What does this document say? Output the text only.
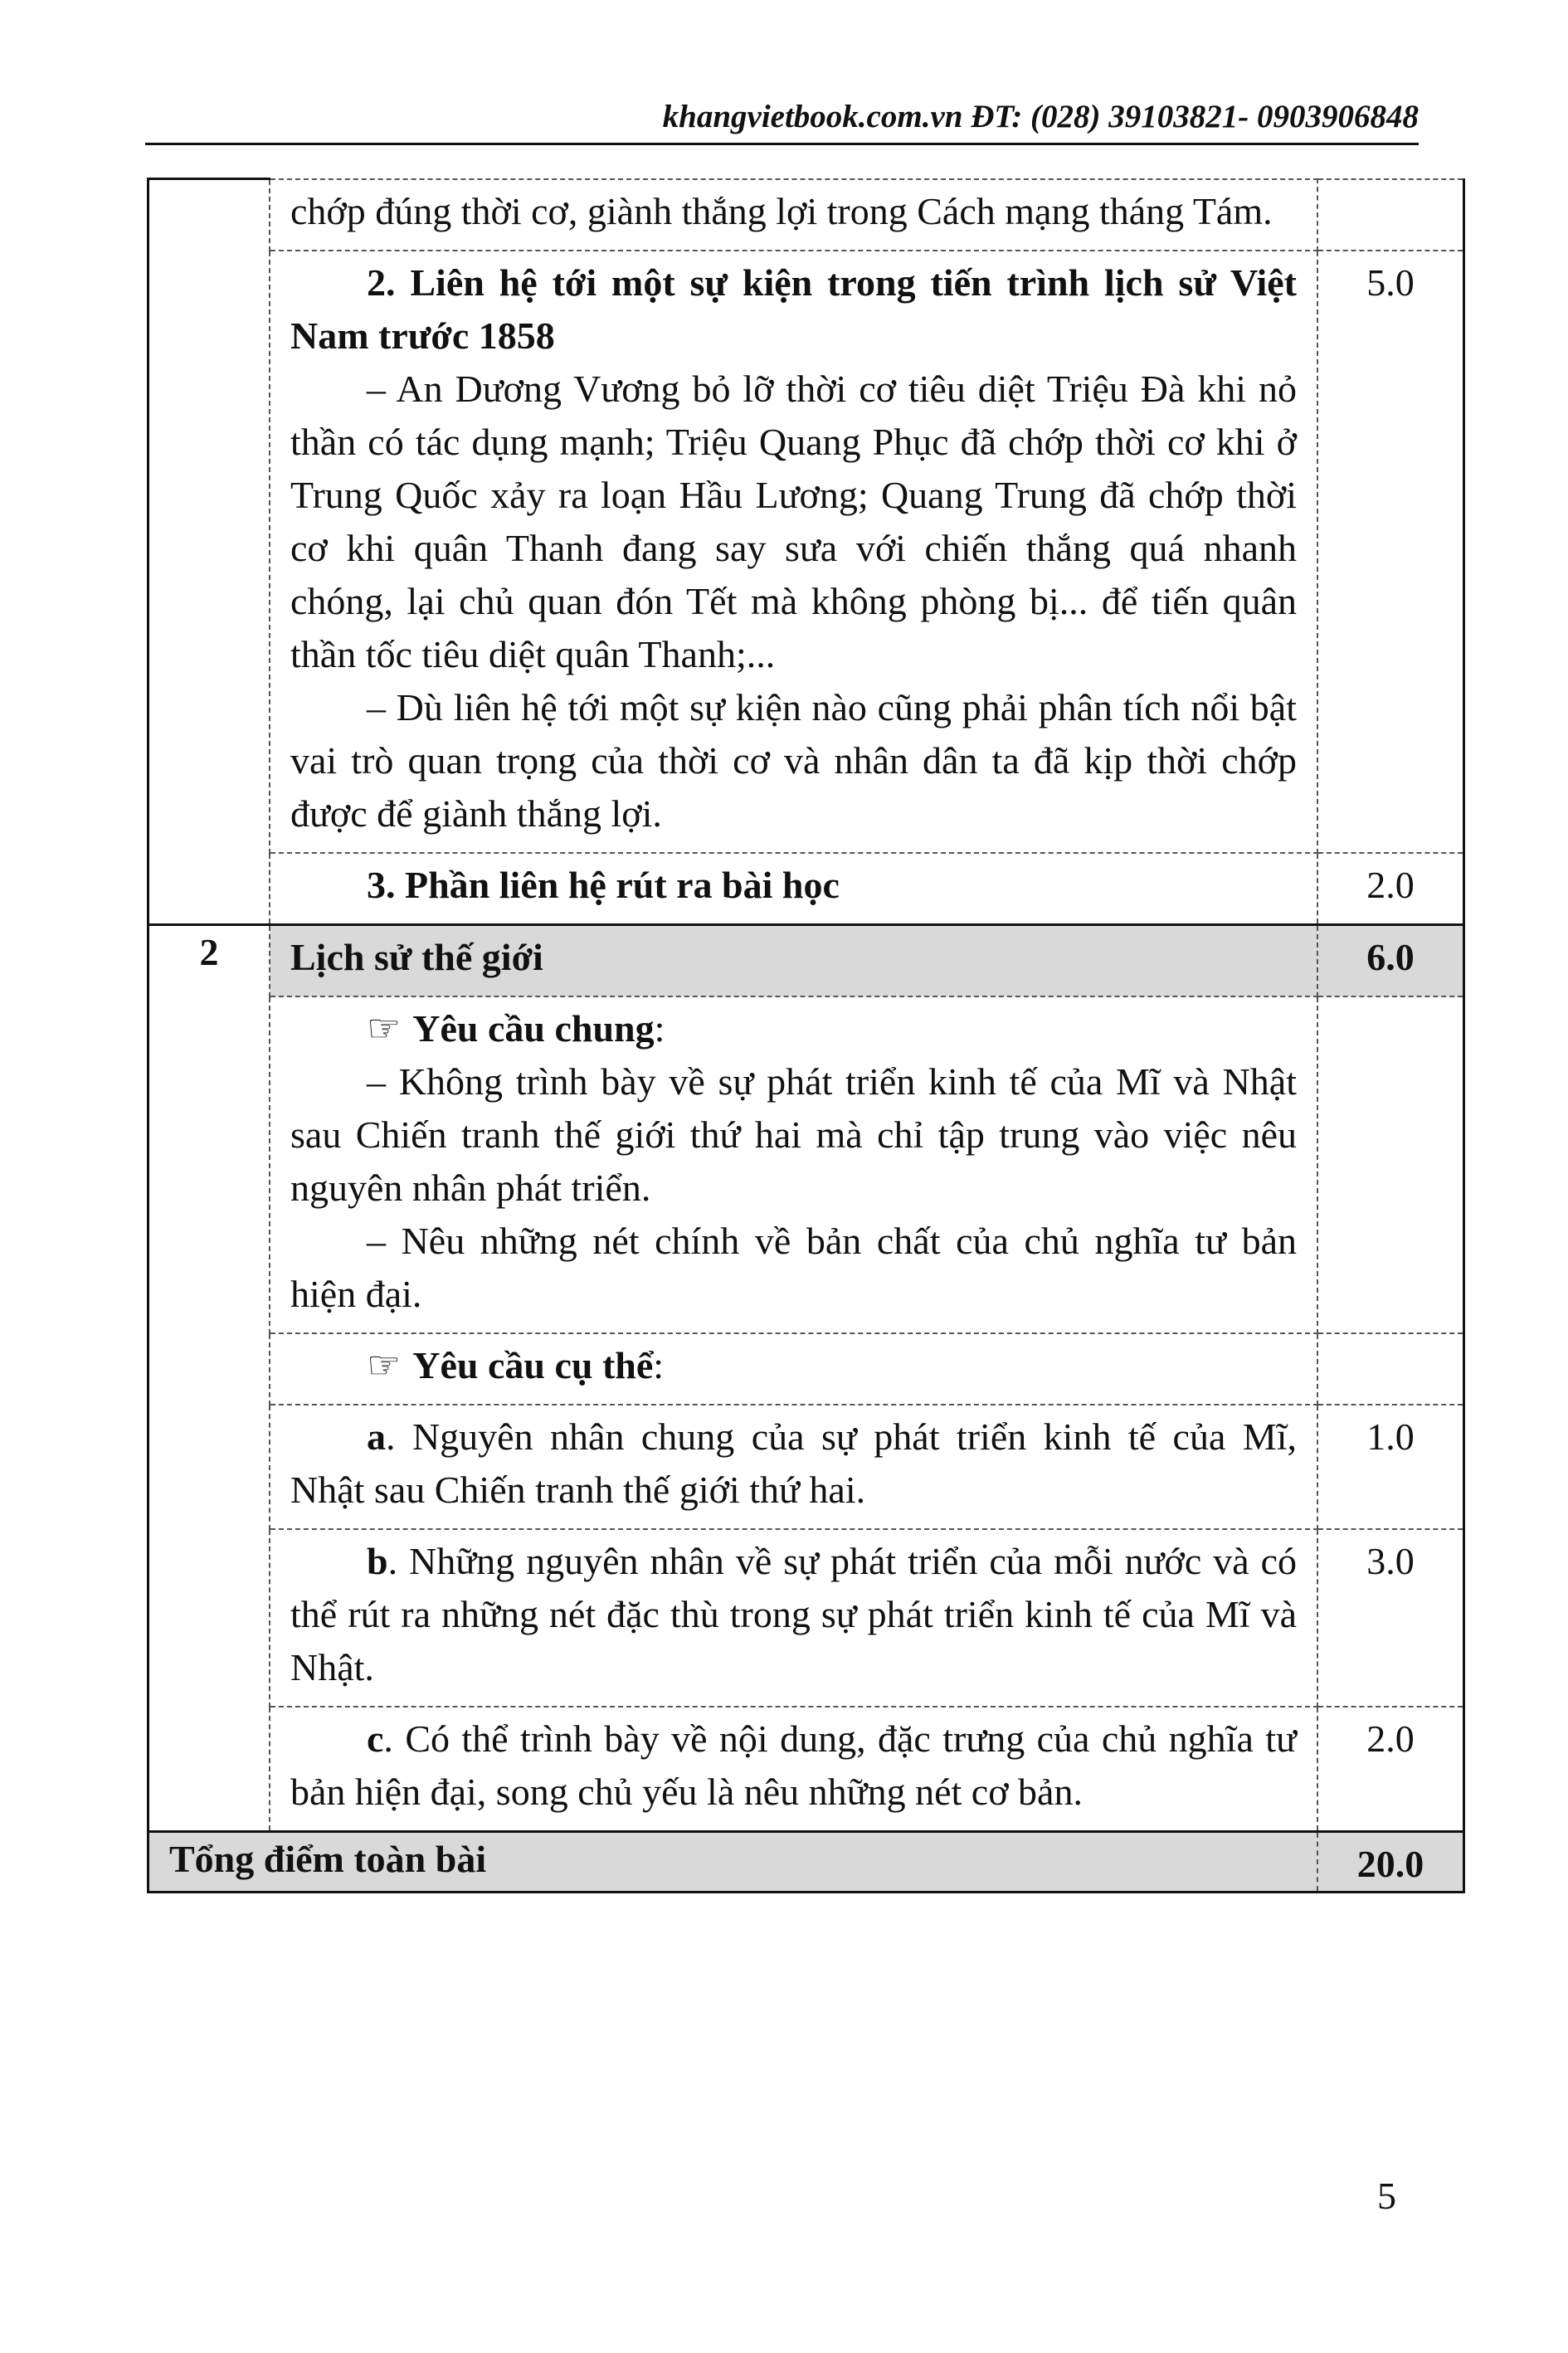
khangvietbook.com.vn ĐT: (028) 39103821- 0903906848

	chớp đúng thời cơ, giành thắng lợi trong Cách mạng tháng Tám.	

	2. Liên hệ tới một sự kiện trong tiến trình lịch sử Việt Nam trước 1858

– An Dương Vương bỏ lỡ thời cơ tiêu diệt Triệu Đà khi nỏ thần có tác dụng mạnh; Triệu Quang Phục đã chớp thời cơ khi ở Trung Quốc xảy ra loạn Hầu Lương; Quang Trung đã chớp thời cơ khi quân Thanh đang say sưa với chiến thắng quá nhanh chóng, lại chủ quan đón Tết mà không phòng bị... để tiến quân thần tốc tiêu diệt quân Thanh;...

– Dù liên hệ tới một sự kiện nào cũng phải phân tích nổi bật vai trò quan trọng của thời cơ và nhân dân ta đã kịp thời chớp được để giành thắng lợi.	5.0

	3. Phần liên hệ rút ra bài học	2.0
2	Lịch sử thế giới	6.0

	☞ Yêu cầu chung:

– Không trình bày về sự phát triển kinh tế của Mĩ và Nhật sau Chiến tranh thế giới thứ hai mà chỉ tập trung vào việc nêu nguyên nhân phát triển.

– Nêu những nét chính về bản chất của chủ nghĩa tư bản hiện đại.	

	☞ Yêu cầu cụ thể:	

	a. Nguyên nhân chung của sự phát triển kinh tế của Mĩ, Nhật sau Chiến tranh thế giới thứ hai.	1.0

	b. Những nguyên nhân về sự phát triển của mỗi nước và có thể rút ra những nét đặc thù trong sự phát triển kinh tế của Mĩ và Nhật.	3.0

	c. Có thể trình bày về nội dung, đặc trưng của chủ nghĩa tư bản hiện đại, song chủ yếu là nêu những nét cơ bản.	2.0
Tổng điểm toàn bài		20.0
5
